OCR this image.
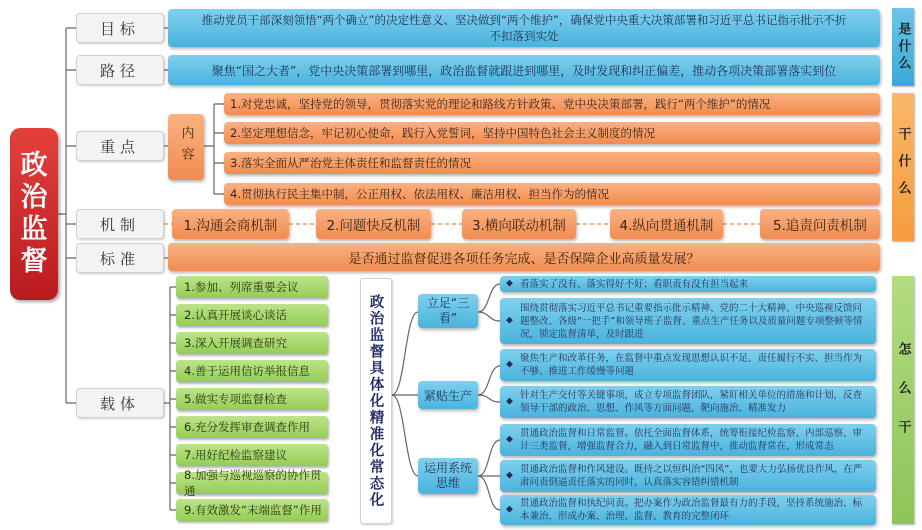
政治监督
目标
路径
重点
机制
标准
载体
推动党员干部深刻领悟“两个确立”的决定性意义、坚决做到“两个维护”，确保党中央重大决策部署和习近平总书记指示批示不折不扣落到实处
聚焦“国之大者”，党中央决策部署到哪里，政治监督就跟进到哪里，及时发现和纠正偏差，推动各项决策部署落实到位
内容
1.对党忠诚，坚持党的领导，贯彻落实党的理论和路线方针政策、党中央决策部署，践行“两个维护”的情况
2.坚定理想信念，牢记初心使命，践行入党誓词，坚持中国特色社会主义制度的情况
3.落实全面从严治党主体责任和监督责任的情况
4.贯彻执行民主集中制，公正用权、依法用权、廉洁用权、担当作为的情况
1.沟通会商机制	2.问题快反机制	3.横向联动机制	4.纵向贯通机制	5.追责问责机制
是否通过监督促进各项任务完成、是否保障企业高质量发展？
1.参加、列席重要会议
2.认真开展谈心谈话
3.深入开展调查研究
4.善于运用信访举报信息
5.做实专项监督检查
6.充分发挥审查调查作用
7.用好纪检监察建议
8.加强与巡视巡察的协作贯通
9.有效激发“末端监督”作用
政治监督具体化精准化常态化	立足“三看”
紧贴生产
运用系统思维
◆ 看落实了没有、落实得好不好；看职责有没有担当起来
◆
围绕贯彻落实习近平总书记重要指示批示精神、党的二十大精神、中央巡视反馈问题整改、各级“一把手”和领导班子监督、重点生产任务以及质量问题专项整顿等情况，锁定监督清单，及时跟进
◆
聚焦生产和改革任务，在监督中重点发现思想认识不足、责任履行不实、担当作为不够、推进工作缓慢等问题
◆
针对生产交付等关键事项，成立专项监督团队，紧盯相关单位的措施和计划，反查领导干部的政治、思想、作风等方面问题，靶向施治、精准发力
◆
贯通政治监督和日常监督。依托全面监督体系，统筹衔接纪检监察、内部巡察、审计三类监督，增强监督合力，融入到日常监督中，推动监督常在、形成常态
◆
贯通政治监督和作风建设。既持之以恒纠治“四风”，也要大力弘扬优良作风，在严肃问责倒逼责任落实的同时，认真落实容错纠错机制
◆
贯通政治监督和执纪问责。把办案作为政治监督最有力的手段，坚持系统施治、标本兼治，形成办案、治理、监督、教育的完整闭环
是什么
干什么
怎么干
